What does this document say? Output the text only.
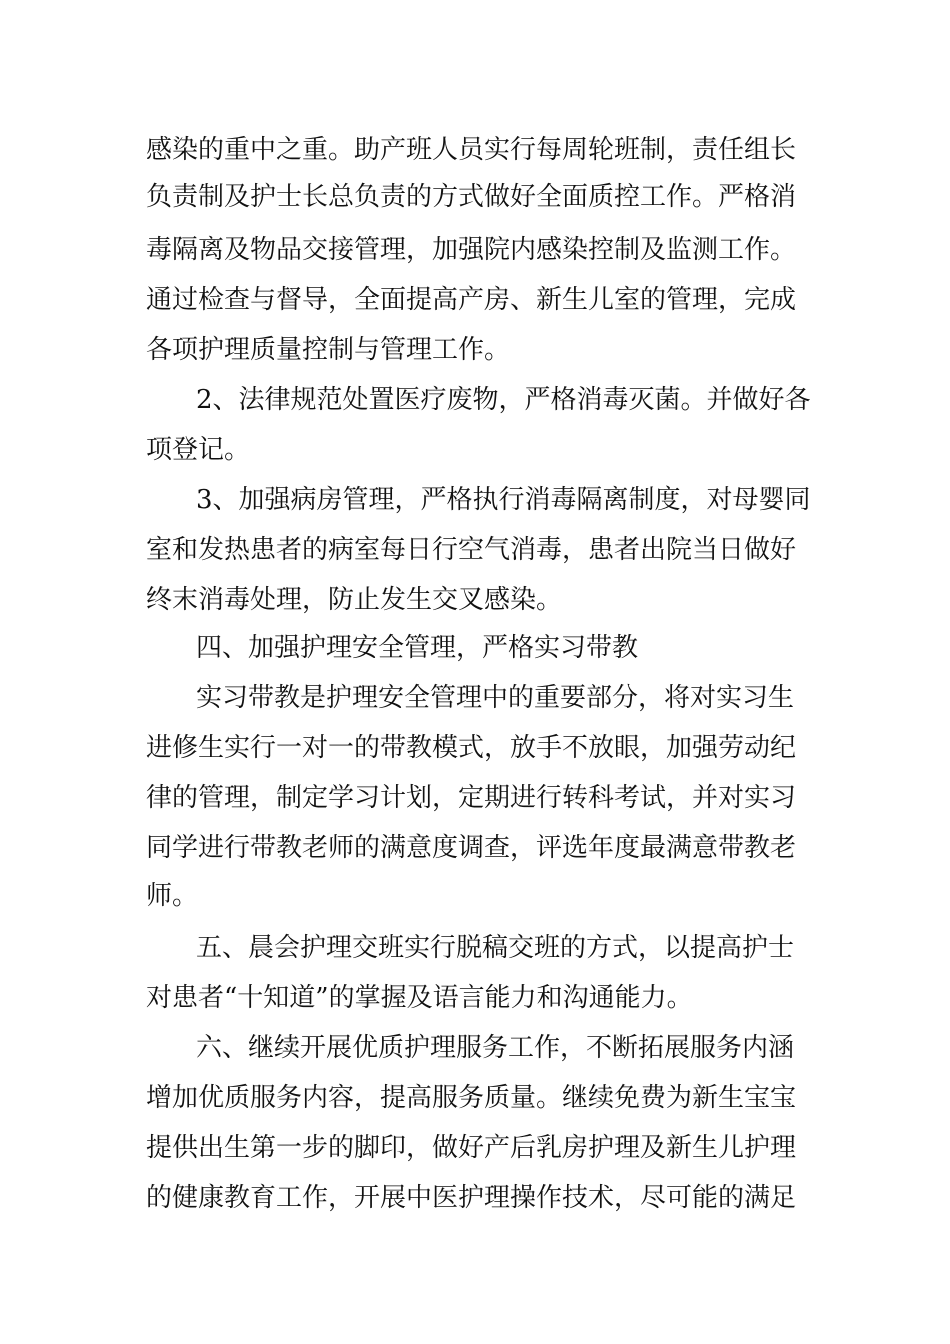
感染的重中之重。助产班人员实行每周轮班制，责任组长
负责制及护士长总负责的方式做好全面质控工作。严格消
毒隔离及物品交接管理，加强院内感染控制及监测工作。
通过检查与督导，全面提高产房、新生儿室的管理，完成
各项护理质量控制与管理工作。
2、法律规范处置医疗废物，严格消毒灭菌。并做好各
项登记。
3、加强病房管理，严格执行消毒隔离制度，对母婴同
室和发热患者的病室每日行空气消毒，患者出院当日做好
终末消毒处理，防止发生交叉感染。
四、加强护理安全管理，严格实习带教
实习带教是护理安全管理中的重要部分，将对实习生
进修生实行一对一的带教模式，放手不放眼，加强劳动纪
律的管理，制定学习计划，定期进行转科考试，并对实习
同学进行带教老师的满意度调查，评选年度最满意带教老
师。
五、晨会护理交班实行脱稿交班的方式，以提高护士
对患者“十知道”的掌握及语言能力和沟通能力。
六、继续开展优质护理服务工作，不断拓展服务内涵
增加优质服务内容，提高服务质量。继续免费为新生宝宝
提供出生第一步的脚印，做好产后乳房护理及新生儿护理
的健康教育工作，开展中医护理操作技术，尽可能的满足
